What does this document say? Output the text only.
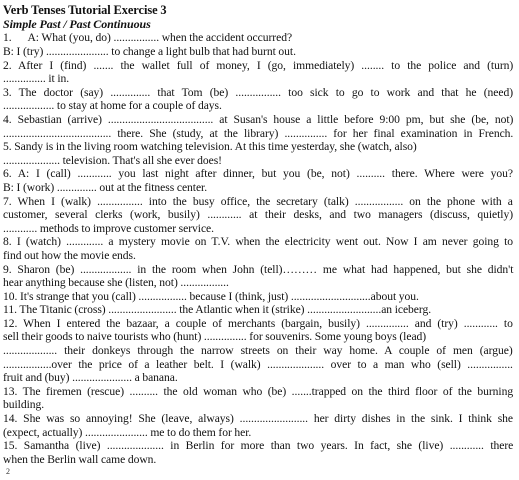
Verb Tenses Tutorial Exercise 3
Simple Past / Past Continuous
1.      A: What (you, do) ................ when the accident occurred?
B: I (try) ...................... to change a light bulb that had burnt out.
2. After I (find) ....... the wallet full of money, I (go, immediately) ........ to the police and (turn)
............... it in.
3. The doctor (say) .............. that Tom (be) ................ too sick to go to work and that he (need)
.................. to stay at home for a couple of days.
4. Sebastian (arrive) ..................................... at Susan's house a little before 9:00 pm, but she (be, not)
...................................... there. She (study, at the library) ............... for her final examination in French.
5. Sandy is in the living room watching television. At this time yesterday, she (watch, also)
.................... television. That's all she ever does!
6. A: I (call) ............ you last night after dinner, but you (be, not) .......... there. Where were you?
B: I (work) .............. out at the fitness center.
7. When I (walk) ................ into the busy office, the secretary (talk) ................. on the phone with a
customer, several clerks (work, busily) ............ at their desks, and two managers (discuss, quietly)
............ methods to improve customer service.
8. I (watch) ............. a mystery movie on T.V. when the electricity went out. Now I am never going to
find out how the movie ends.
9. Sharon (be) .................. in the room when John (tell)……… me what had happened, but she didn't
hear anything because she (listen, not) .................
10. It's strange that you (call) ................. because I (think, just) ............................about you.
11. The Titanic (cross) ........................ the Atlantic when it (strike) ..........................an iceberg.
12. When I entered the bazaar, a couple of merchants (bargain, busily) ............... and (try) ............ to
sell their goods to naive tourists who (hunt) ............... for souvenirs. Some young boys (lead)
................... their donkeys through the narrow streets on their way home. A couple of men (argue)
.................over the price of a leather belt. I (walk) .................... over to a man who (sell) ................
fruit and (buy) ..................... a banana.
13. The firemen (rescue) .......... the old woman who (be) .......trapped on the third floor of the burning
building.
14. She was so annoying! She (leave, always) ........................ her dirty dishes in the sink. I think she
(expect, actually) ...................... me to do them for her.
15. Samantha (live) .................... in Berlin for more than two years. In fact, she (live) ............ there
when the Berlin wall came down.
2
